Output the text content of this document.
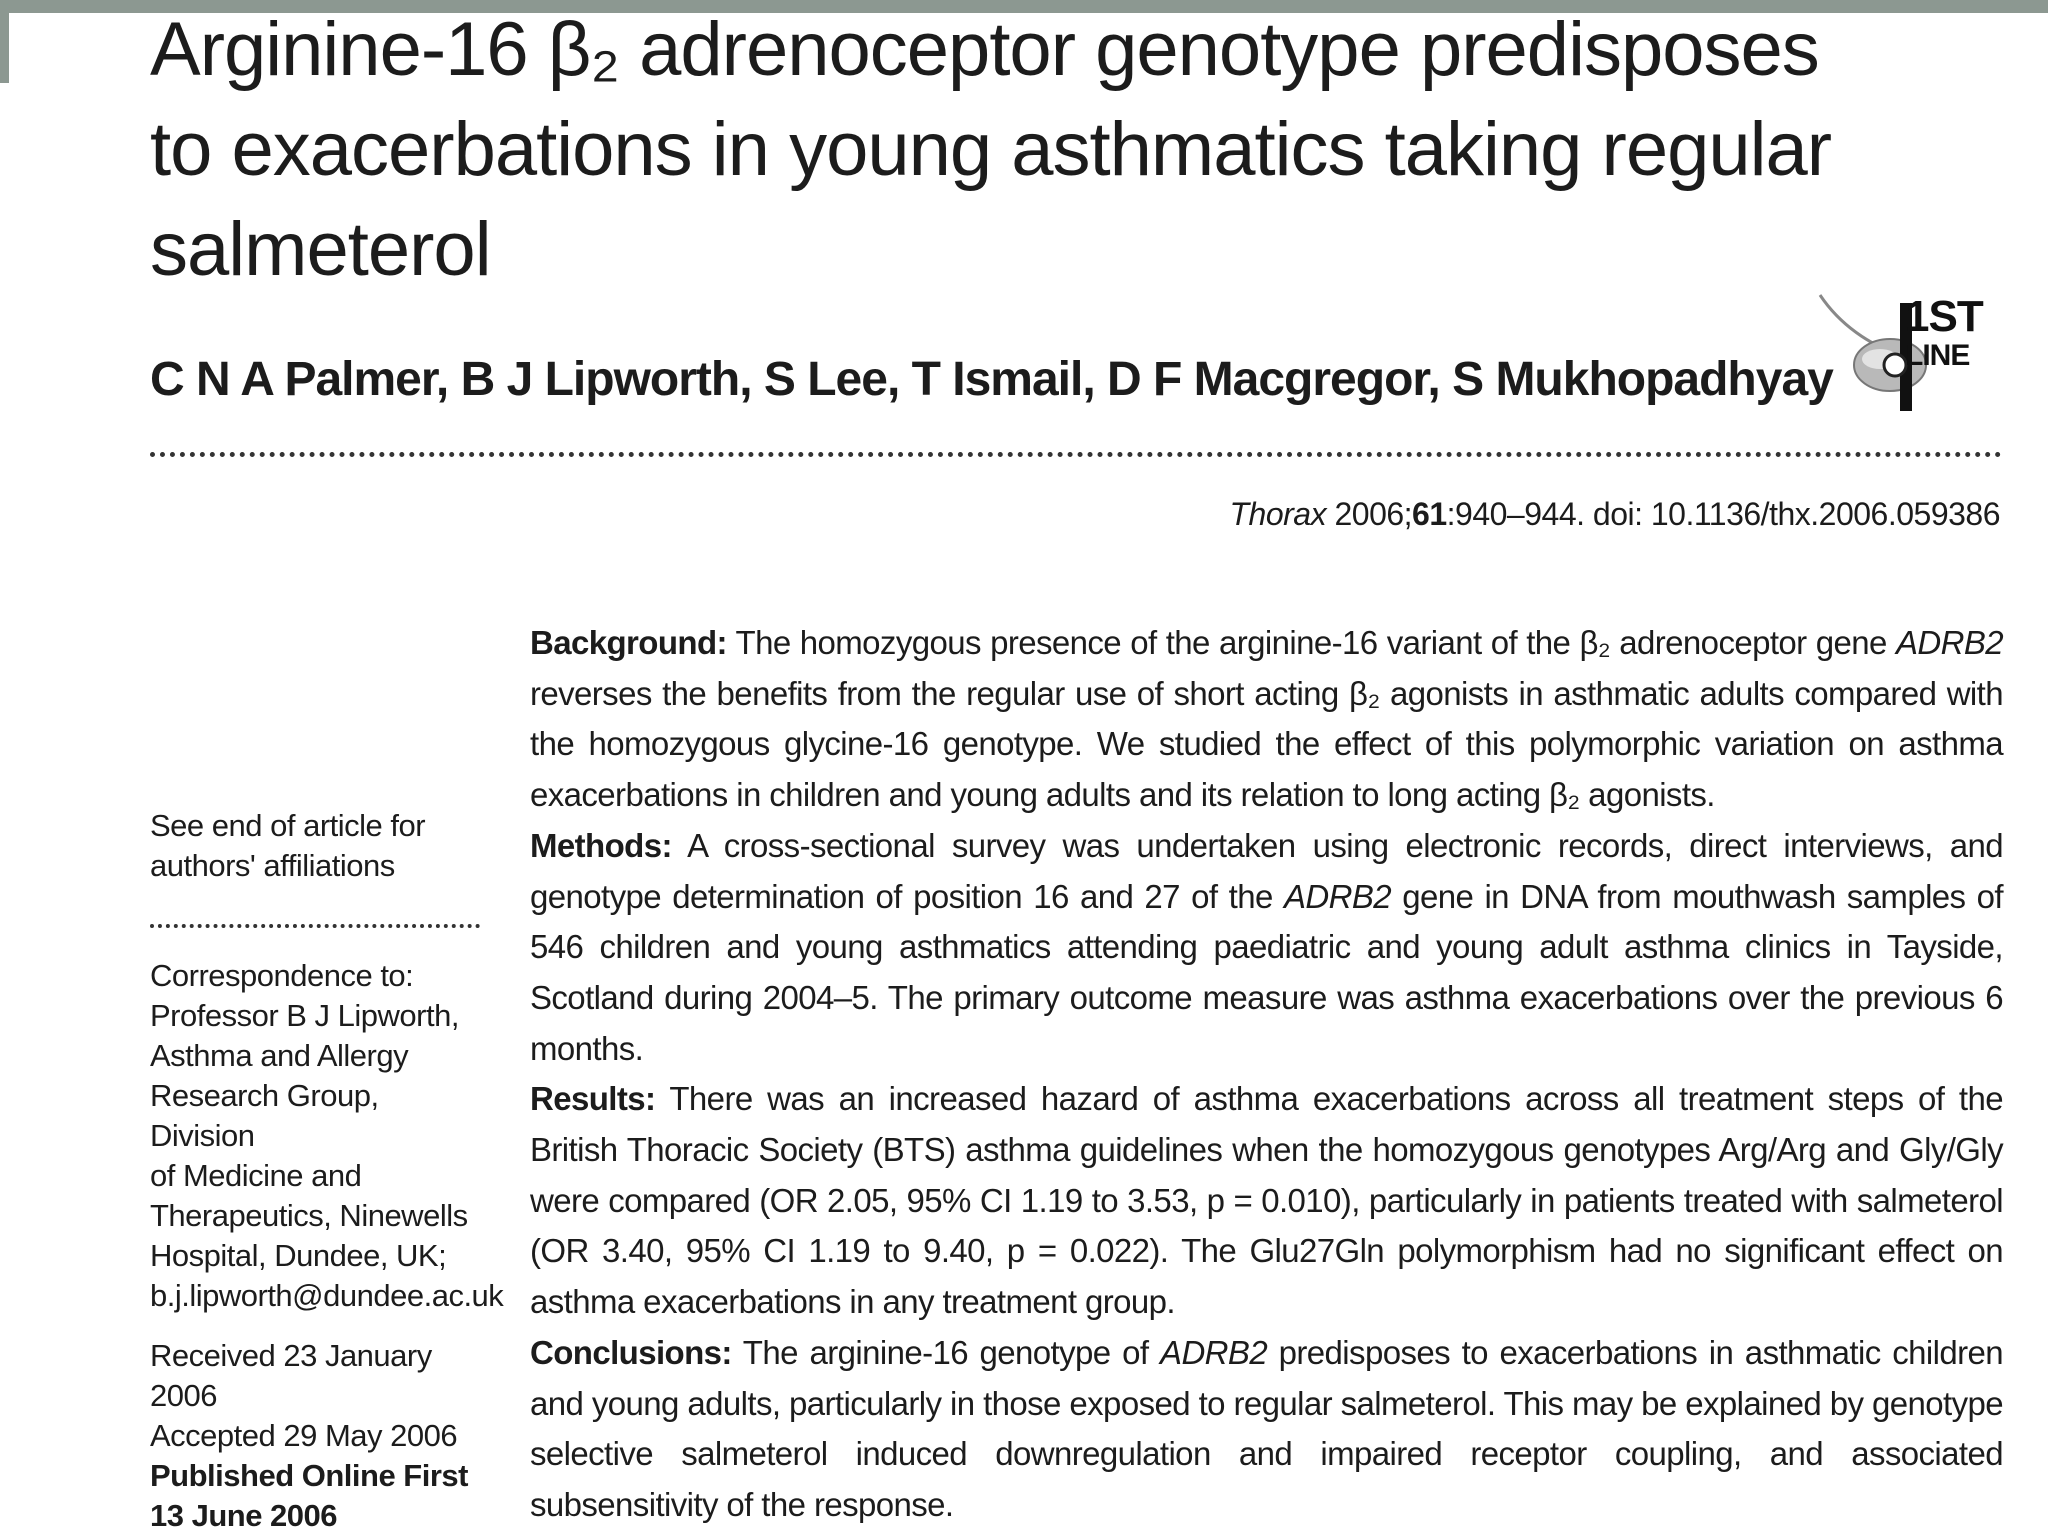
Arginine-16 β₂ adrenoceptor genotype predisposes to exacerbations in young asthmatics taking regular salmeterol

C N A Palmer, B J Lipworth, S Lee, T Ismail, D F Macgregor, S Mukhopadhyay

1ST
LINE
Thorax 2006;61:940–944. doi: 10.1136/thx.2006.059386
See end of article for
authors' affiliations
Correspondence to:
Professor B J Lipworth,
Asthma and Allergy
Research Group, Division
of Medicine and
Therapeutics, Ninewells
Hospital, Dundee, UK;
b.j.lipworth@dundee.ac.uk
Received 23 January 2006
Accepted 29 May 2006
Published Online First
13 June 2006

Background: The homozygous presence of the arginine-16 variant of the β₂ adrenoceptor gene ADRB2 reverses the benefits from the regular use of short acting β₂ agonists in asthmatic adults compared with the homozygous glycine-16 genotype. We studied the effect of this polymorphic variation on asthma exacerbations in children and young adults and its relation to long acting β₂ agonists.

Methods: A cross-sectional survey was undertaken using electronic records, direct interviews, and genotype determination of position 16 and 27 of the ADRB2 gene in DNA from mouthwash samples of 546 children and young asthmatics attending paediatric and young adult asthma clinics in Tayside, Scotland during 2004–5. The primary outcome measure was asthma exacerbations over the previous 6 months.

Results: There was an increased hazard of asthma exacerbations across all treatment steps of the British Thoracic Society (BTS) asthma guidelines when the homozygous genotypes Arg/Arg and Gly/Gly were compared (OR 2.05, 95% CI 1.19 to 3.53, p = 0.010), particularly in patients treated with salmeterol (OR 3.40, 95% CI 1.19 to 9.40, p = 0.022). The Glu27Gln polymorphism had no significant effect on asthma exacerbations in any treatment group.

Conclusions: The arginine-16 genotype of ADRB2 predisposes to exacerbations in asthmatic children and young adults, particularly in those exposed to regular salmeterol. This may be explained by genotype selective salmeterol induced downregulation and impaired receptor coupling, and associated subsensitivity of the response.
